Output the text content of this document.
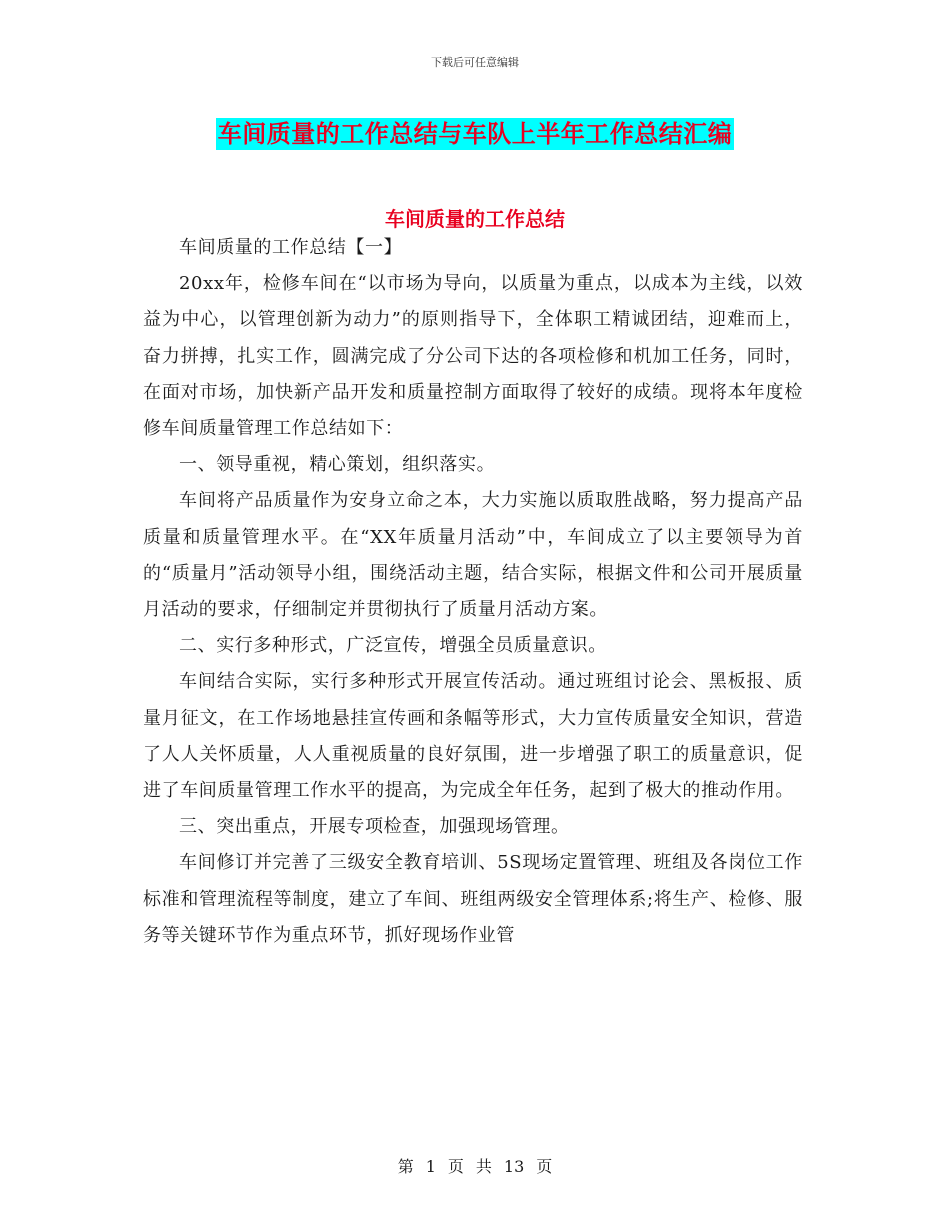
下载后可任意编辑
车间质量的工作总结与车队上半年工作总结汇编
车间质量的工作总结

车间质量的工作总结【一】

20xx年，检修车间在“以市场为导向，以质量为重点，以成本为主线，以效益为中心，以管理创新为动力”的原则指导下，全体职工精诚团结，迎难而上，奋力拼搏，扎实工作，圆满完成了分公司下达的各项检修和机加工任务，同时，在面对市场，加快新产品开发和质量控制方面取得了较好的成绩。现将本年度检修车间质量管理工作总结如下：

一、领导重视，精心策划，组织落实。

车间将产品质量作为安身立命之本，大力实施以质取胜战略，努力提高产品质量和质量管理水平。在“XX年质量月活动”中，车间成立了以主要领导为首的“质量月”活动领导小组，围绕活动主题，结合实际，根据文件和公司开展质量月活动的要求，仔细制定并贯彻执行了质量月活动方案。

二、实行多种形式，广泛宣传，增强全员质量意识。

车间结合实际，实行多种形式开展宣传活动。通过班组讨论会、黑板报、质量月征文，在工作场地悬挂宣传画和条幅等形式，大力宣传质量安全知识，营造了人人关怀质量，人人重视质量的良好氛围，进一步增强了职工的质量意识，促进了车间质量管理工作水平的提高，为完成全年任务，起到了极大的推动作用。

三、突出重点，开展专项检查，加强现场管理。

车间修订并完善了三级安全教育培训、5S现场定置管理、班组及各岗位工作标准和管理流程等制度，建立了车间、班组两级安全管理体系;将生产、检修、服务等关键环节作为重点环节，抓好现场作业管

第 1 页 共 13 页
